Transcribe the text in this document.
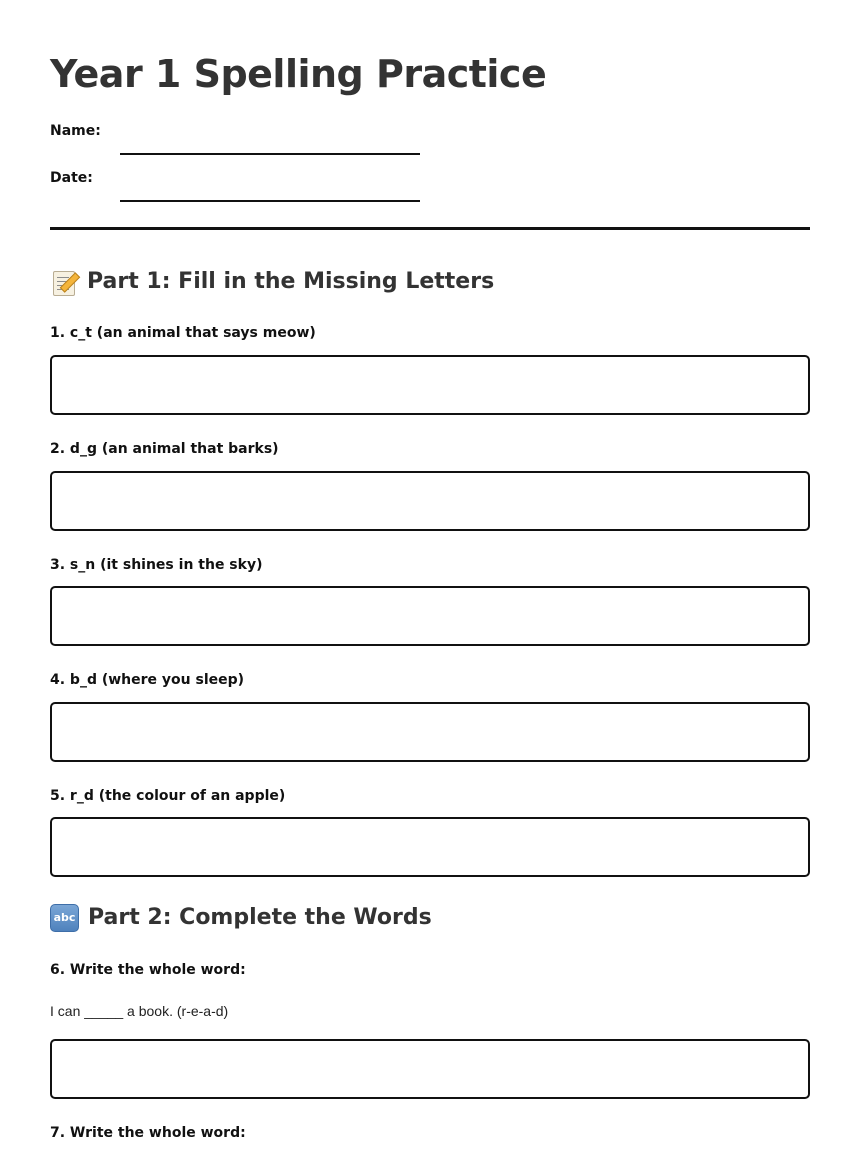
Year 1 Spelling Practice
Name:
Date:
Part 1: Fill in the Missing Letters

1. c_t (an animal that says meow)

2. d_g (an animal that barks)

3. s_n (it shines in the sky)

4. b_d (where you sleep)

5. r_d (the colour of an apple)

abc Part 2: Complete the Words

6. Write the whole word:

I can _____ a book. (r-e-a-d)

7. Write the whole word:
